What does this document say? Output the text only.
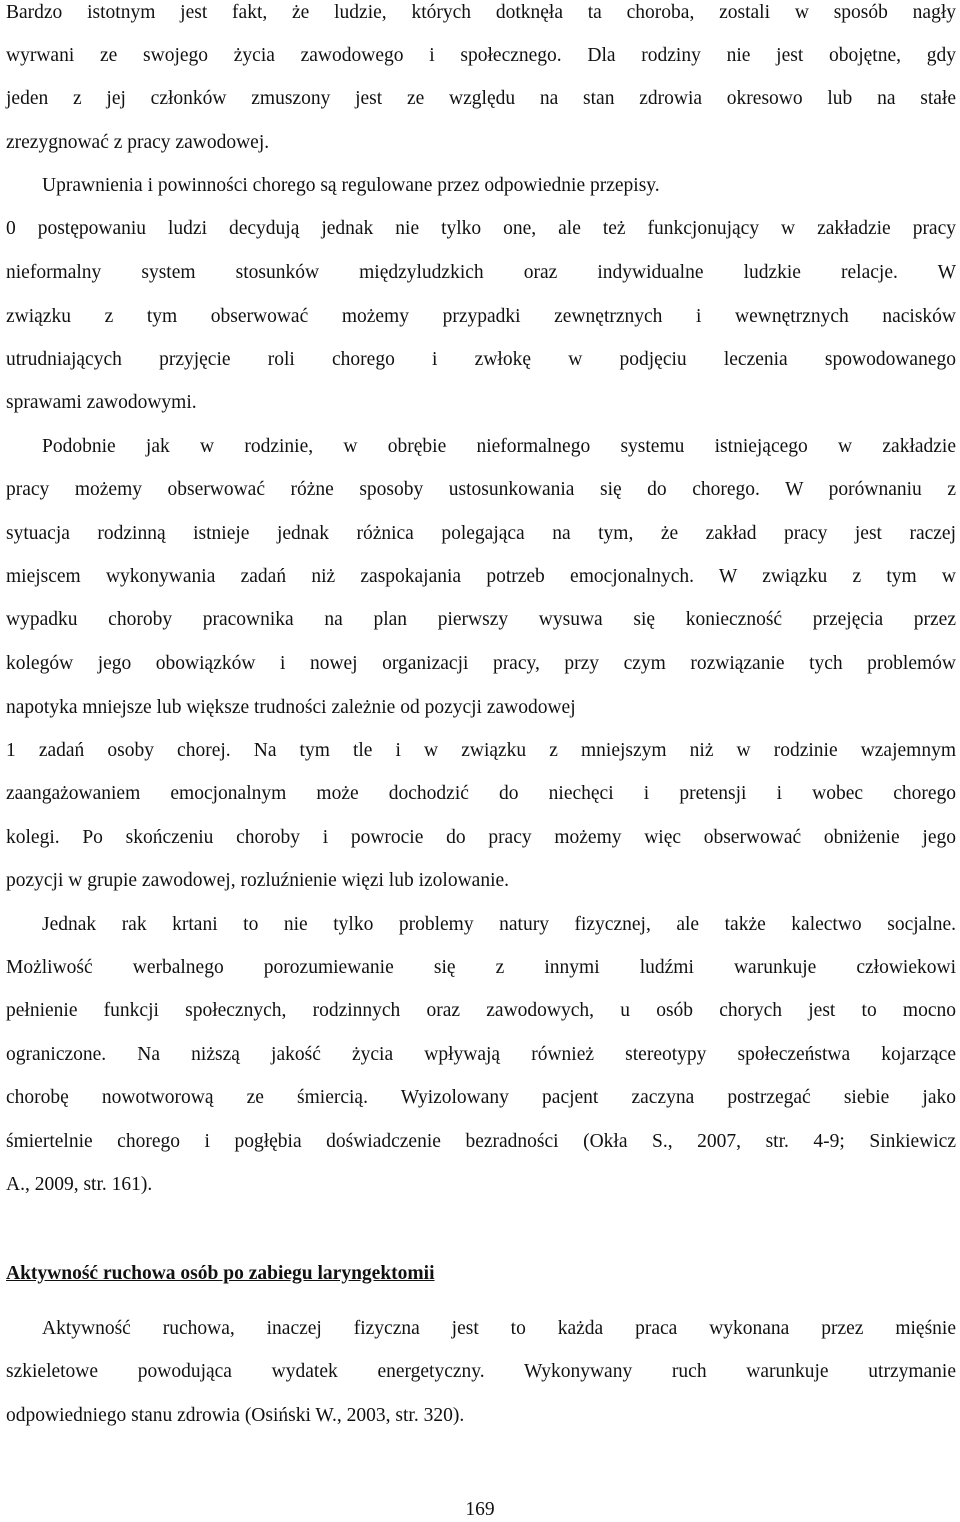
Bardzo istotnym jest fakt, że ludzie, których dotknęła ta choroba, zostali w sposób nagły

wyrwani ze swojego życia zawodowego i społecznego. Dla rodziny nie jest obojętne, gdy

jeden z jej członków zmuszony jest ze względu na stan zdrowia okresowo lub na stałe

zrezygnować z pracy zawodowej.

Uprawnienia i powinności chorego są regulowane przez odpowiednie przepisy.

0 postępowaniu ludzi decydują jednak nie tylko one, ale też funkcjonujący w zakładzie pracy

nieformalny system stosunków międzyludzkich oraz indywidualne ludzkie relacje. W

związku z tym obserwować możemy przypadki zewnętrznych i wewnętrznych nacisków

utrudniających przyjęcie roli chorego i zwłokę w podjęciu leczenia spowodowanego

sprawami zawodowymi.

Podobnie jak w rodzinie, w obrębie nieformalnego systemu istniejącego w zakładzie

pracy możemy obserwować różne sposoby ustosunkowania się do chorego. W porównaniu z

sytuacja rodzinną istnieje jednak różnica polegająca na tym, że zakład pracy jest raczej

miejscem wykonywania zadań niż zaspokajania potrzeb emocjonalnych. W związku z tym w

wypadku choroby pracownika na plan pierwszy wysuwa się konieczność przejęcia przez

kolegów jego obowiązków i nowej organizacji pracy, przy czym rozwiązanie tych problemów

napotyka mniejsze lub większe trudności zależnie od pozycji zawodowej

1 zadań osoby chorej. Na tym tle i w związku z mniejszym niż w rodzinie wzajemnym

zaangażowaniem emocjonalnym może dochodzić do niechęci i pretensji i wobec chorego

kolegi. Po skończeniu choroby i powrocie do pracy możemy więc obserwować obniżenie jego

pozycji w grupie zawodowej, rozluźnienie więzi lub izolowanie.

Jednak rak krtani to nie tylko problemy natury fizycznej, ale także kalectwo socjalne.

Możliwość werbalnego porozumiewanie się z innymi ludźmi warunkuje człowiekowi

pełnienie funkcji społecznych, rodzinnych oraz zawodowych, u osób chorych jest to mocno

ograniczone. Na niższą jakość życia wpływają również stereotypy społeczeństwa kojarzące

chorobę nowotworową ze śmiercią. Wyizolowany pacjent zaczyna postrzegać siebie jako

śmiertelnie chorego i pogłębia doświadczenie bezradności (Okła S., 2007, str. 4-9; Sinkiewicz

A., 2009, str. 161).

Aktywność ruchowa osób po zabiegu laryngektomii

Aktywność ruchowa, inaczej fizyczna jest to każda praca wykonana przez mięśnie

szkieletowe powodująca wydatek energetyczny. Wykonywany ruch warunkuje utrzymanie

odpowiedniego stanu zdrowia (Osiński W., 2003, str. 320).

169
